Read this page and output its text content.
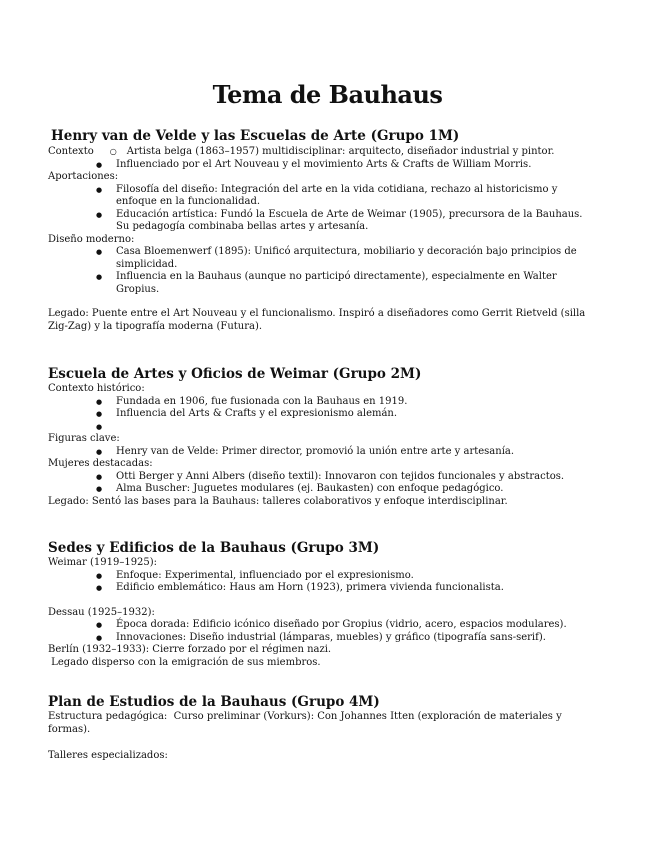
Tema de Bauhaus
Henry van de Velde y las Escuelas de Arte (Grupo 1M)
Contexto ○ Artista belga (1863–1957) multidisciplinar: arquitecto, diseñador industrial y pintor.
● Influenciado por el Art Nouveau y el movimiento Arts & Crafts de William Morris.
Aportaciones:
● Filosofía del diseño: Integración del arte en la vida cotidiana, rechazo al historicismo y enfoque en la funcionalidad.
● Educación artística: Fundó la Escuela de Arte de Weimar (1905), precursora de la Bauhaus. Su pedagogía combinaba bellas artes y artesanía.
Diseño moderno:
● Casa Bloemenwerf (1895): Unificó arquitectura, mobiliario y decoración bajo principios de simplicidad.
● Influencia en la Bauhaus (aunque no participó directamente), especialmente en Walter Gropius.
Legado: Puente entre el Art Nouveau y el funcionalismo. Inspiró a diseñadores como Gerrit Rietveld (silla Zig-Zag) y la tipografía moderna (Futura).
Escuela de Artes y Oficios de Weimar (Grupo 2M)
Contexto histórico:
● Fundada en 1906, fue fusionada con la Bauhaus en 1919.
● Influencia del Arts & Crafts y el expresionismo alemán.
●
Figuras clave:
● Henry van de Velde: Primer director, promovió la unión entre arte y artesanía.
Mujeres destacadas:
● Otti Berger y Anni Albers (diseño textil): Innovaron con tejidos funcionales y abstractos.
● Alma Buscher: Juguetes modulares (ej. Baukasten) con enfoque pedagógico.
Legado: Sentó las bases para la Bauhaus: talleres colaborativos y enfoque interdisciplinar.
Sedes y Edificios de la Bauhaus (Grupo 3M)
Weimar (1919–1925):
● Enfoque: Experimental, influenciado por el expresionismo.
● Edificio emblemático: Haus am Horn (1923), primera vivienda funcionalista.
Dessau (1925–1932):
● Época dorada: Edificio icónico diseñado por Gropius (vidrio, acero, espacios modulares).
● Innovaciones: Diseño industrial (lámparas, muebles) y gráfico (tipografía sans-serif).
Berlín (1932–1933): Cierre forzado por el régimen nazi.
Legado disperso con la emigración de sus miembros.
Plan de Estudios de la Bauhaus (Grupo 4M)
Estructura pedagógica:  Curso preliminar (Vorkurs): Con Johannes Itten (exploración de materiales y formas).
Talleres especializados:
